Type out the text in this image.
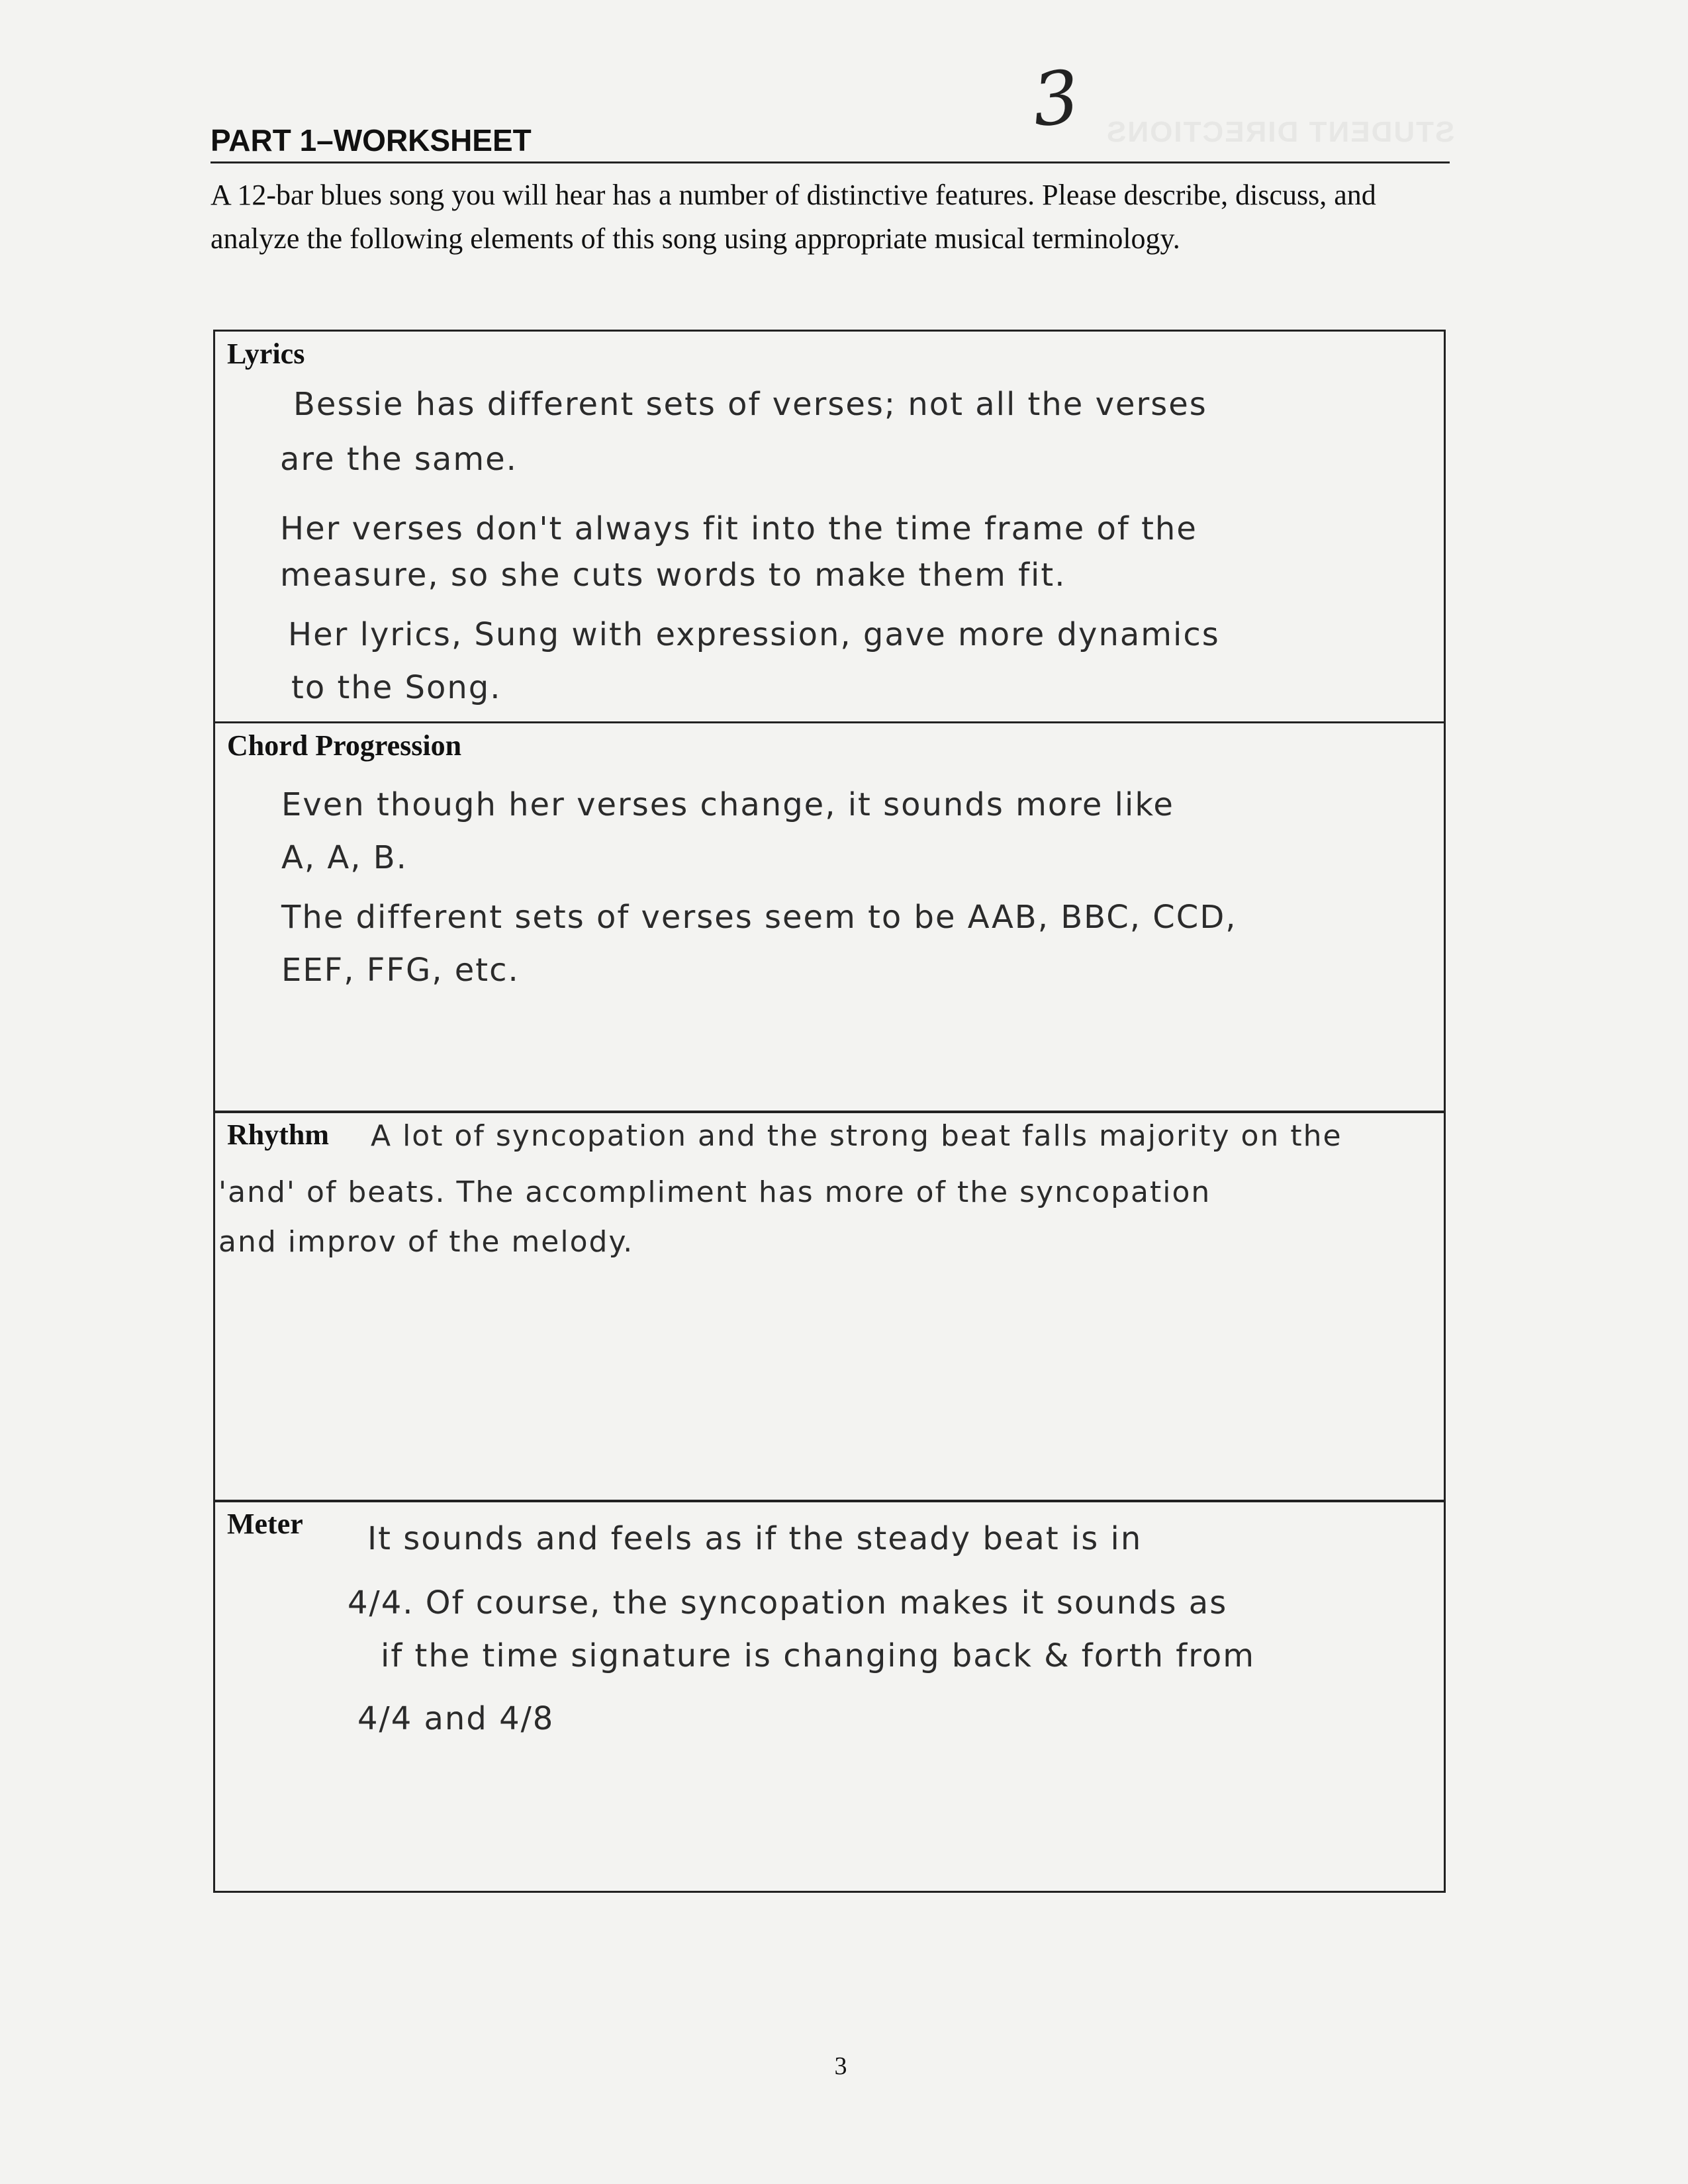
3 STUDENT DIRECTIONS
PART 1–WORKSHEET
A 12-bar blues song you will hear has a number of distinctive features. Please describe, discuss, and analyze the following elements of this song using appropriate musical terminology.
Lyrics
Bessie has different sets of verses; not all the verses
are the same.
Her verses don't always fit into the time frame of the
measure, so she cuts words to make them fit.
Her lyrics, Sung with expression, gave more dynamics
to the Song.
Chord Progression
Even though her verses change, it sounds more like
A, A, B.
The different sets of verses seem to be AAB, BBC, CCD,
EEF, FFG, etc.
Rhythm A lot of syncopation and the strong beat falls majority on the
'and' of beats. The accompliment has more of the syncopation
and improv of the melody.
Meter It sounds and feels as if the steady beat is in
4/4. Of course, the syncopation makes it sounds as
if the time signature is changing back & forth from
4/4 and 4/8
3
